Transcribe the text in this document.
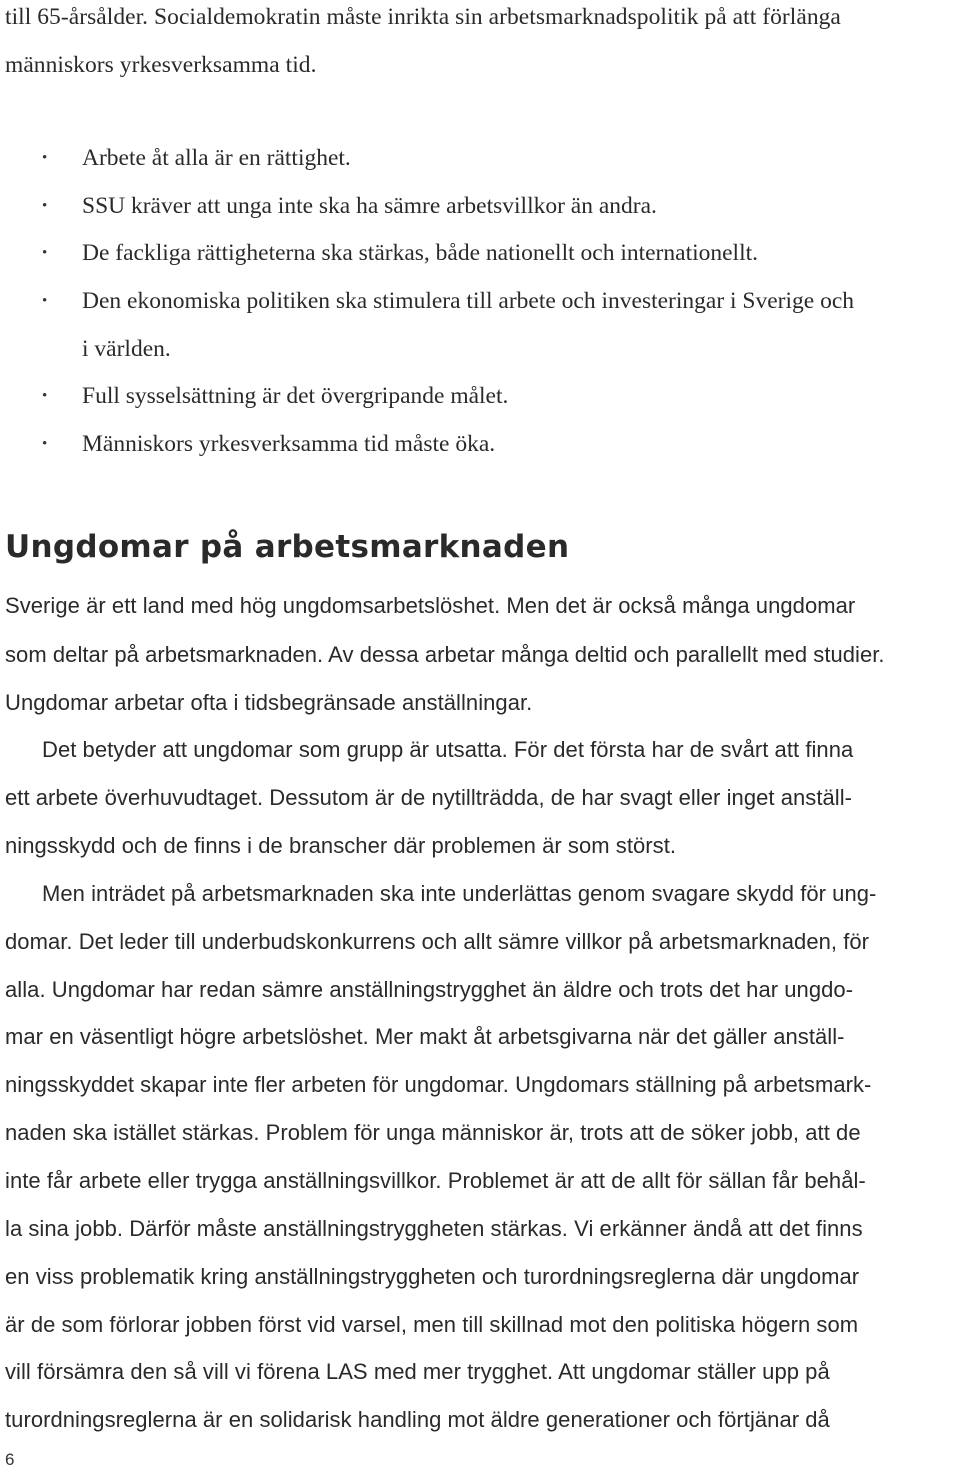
till 65-årsålder. Socialdemokratin måste inrikta sin arbetsmarknadspolitik på att förlänga
människors yrkesverksamma tid.
• Arbete åt alla är en rättighet.
• SSU kräver att unga inte ska ha sämre arbetsvillkor än andra.
• De fackliga rättigheterna ska stärkas, både nationellt och internationellt.
• Den ekonomiska politiken ska stimulera till arbete och investeringar i Sverige och
i världen.
• Full sysselsättning är det övergripande målet.
• Människors yrkesverksamma tid måste öka.
Ungdomar på arbetsmarknaden
Sverige är ett land med hög ungdomsarbetslöshet. Men det är också många ungdomar
som deltar på arbetsmarknaden. Av dessa arbetar många deltid och parallellt med studier.
Ungdomar arbetar ofta i tidsbegränsade anställningar.
Det betyder att ungdomar som grupp är utsatta. För det första har de svårt att finna
ett arbete överhuvudtaget. Dessutom är de nytillträdda, de har svagt eller inget anställ-
ningsskydd och de finns i de branscher där problemen är som störst.
Men inträdet på arbetsmarknaden ska inte underlättas genom svagare skydd för ung-
domar. Det leder till underbudskonkurrens och allt sämre villkor på arbetsmarknaden, för
alla. Ungdomar har redan sämre anställningstrygghet än äldre och trots det har ungdo-
mar en väsentligt högre arbetslöshet. Mer makt åt arbetsgivarna när det gäller anställ-
ningsskyddet skapar inte fler arbeten för ungdomar. Ungdomars ställning på arbetsmark-
naden ska istället stärkas. Problem för unga människor är, trots att de söker jobb, att de
inte får arbete eller trygga anställningsvillkor. Problemet är att de allt för sällan får behål-
la sina jobb. Därför måste anställningstryggheten stärkas. Vi erkänner ändå att det finns
en viss problematik kring anställningstryggheten och turordningsreglerna där ungdomar
är de som förlorar jobben först vid varsel, men till skillnad mot den politiska högern som
vill försämra den så vill vi förena LAS med mer trygghet. Att ungdomar ställer upp på
turordningsreglerna är en solidarisk handling mot äldre generationer och förtjänar då
6
